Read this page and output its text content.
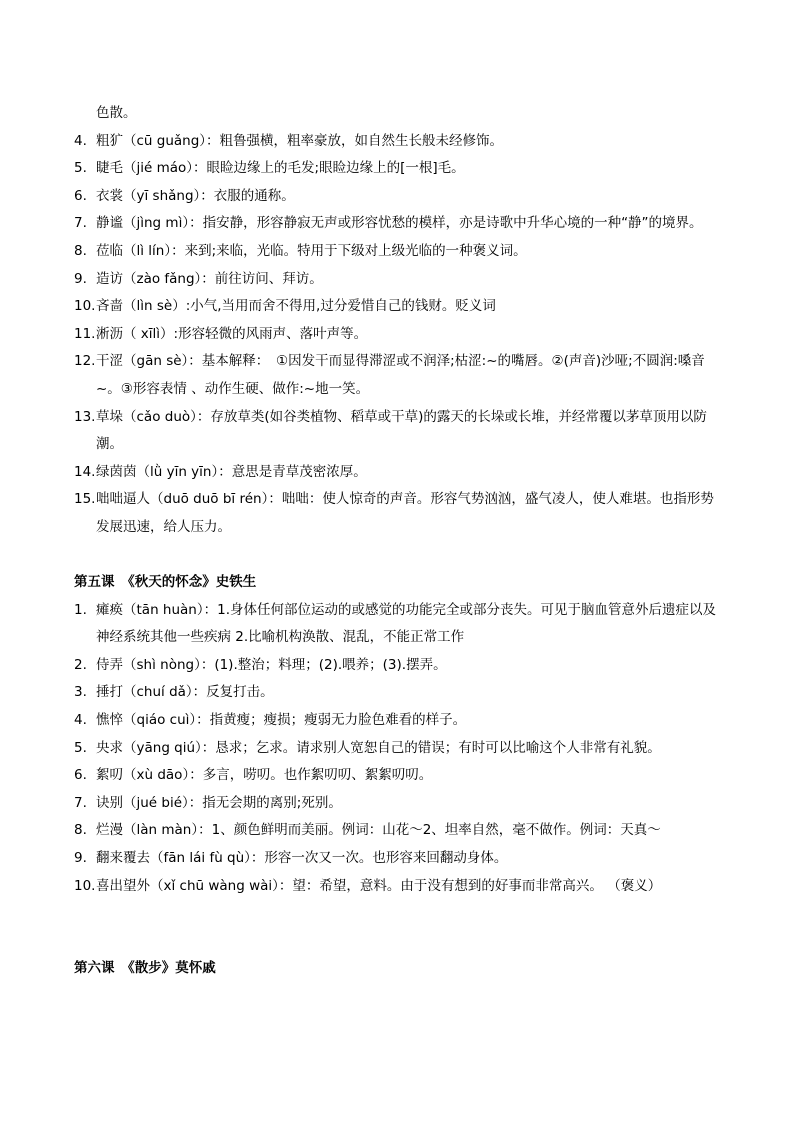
色散。
4. 粗犷（cū guǎng）：粗鲁强横，粗率豪放，如自然生长般未经修饰。
5. 睫毛（jié máo）：眼睑边缘上的毛发;眼睑边缘上的[一根]毛。
6. 衣裳（yī shǎng）：衣服的通称。
7. 静谧（jìng mì）：指安静，形容静寂无声或形容忧愁的模样，亦是诗歌中升华心境的一种“静”的境界。
8. 莅临（lì lín）：来到;来临，光临。特用于下级对上级光临的一种褒义词。
9. 造访（zào fǎng）：前往访问、拜访。
10. 吝啬（lìn sè）:小气,当用而舍不得用,过分爱惜自己的钱财。贬义词
11. 淅沥（ xīlì）:形容轻微的风雨声、落叶声等。
12. 干涩（gān sè）：基本解释：　①因发干而显得滞涩或不润泽;枯涩:~的嘴唇。②(声音)沙哑;不圆润:嗓音~。③形容表情 、动作生硬、做作:~地一笑。
13. 草垛（cǎo duò）：存放草类(如谷类植物、稻草或干草)的露天的长垛或长堆，并经常覆以茅草顶用以防潮。
14. 绿茵茵（lǜ yīn yīn）：意思是青草茂密浓厚。
15. 咄咄逼人（duō duō bī rén）：咄咄：使人惊奇的声音。形容气势汹汹，盛气凌人，使人难堪。也指形势发展迅速，给人压力。
第五课　《秋天的怀念》史铁生
1. 瘫痪（tān huàn）：1.身体任何部位运动的或感觉的功能完全或部分丧失。可见于脑血管意外后遗症以及神经系统其他一些疾病 2.比喻机构涣散、混乱，不能正常工作
2. 侍弄（shì nòng）：(1).整治；料理；(2).喂养；(3).摆弄。
3. 捶打（chuí dǎ）：反复打击。
4. 憔悴（qiáo cuì）：指黄瘦；瘦损；瘦弱无力脸色难看的样子。
5. 央求（yāng qiú）：恳求；乞求。请求别人宽恕自己的错误；有时可以比喻这个人非常有礼貌。
6. 絮叨（xù dāo）：多言，唠叨。也作絮叨叨、絮絮叨叨。
7. 诀别（jué bié）：指无会期的离别;死别。
8. 烂漫（làn màn）：1、颜色鲜明而美丽。例词：山花～2、坦率自然，毫不做作。例词：天真～
9. 翻来覆去（fān lái fù qù）：形容一次又一次。也形容来回翻动身体。
10. 喜出望外（xǐ chū wàng wài）：望：希望，意料。由于没有想到的好事而非常高兴。 （褒义）
第六课　《散步》莫怀戚
